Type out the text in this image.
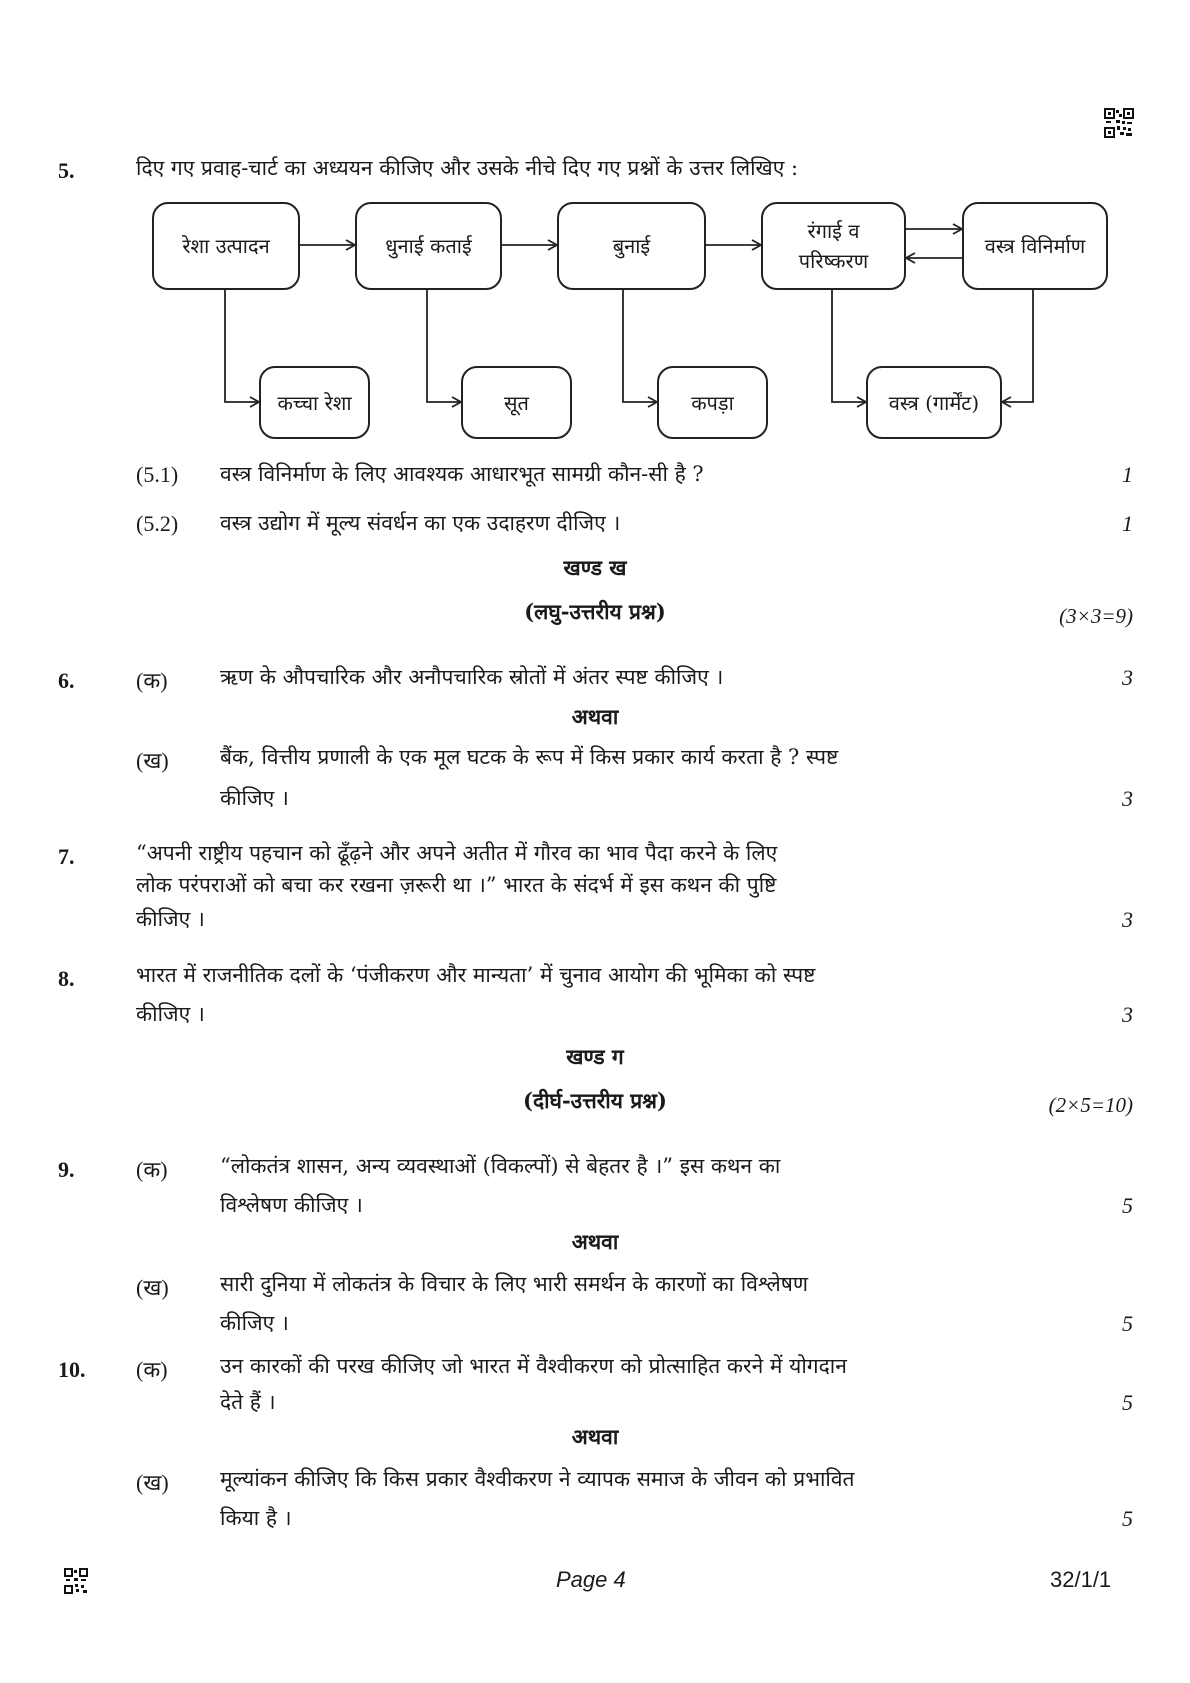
5.	दिए गए प्रवाह-चार्ट का अध्ययन कीजिए और उसके नीचे दिए गए प्रश्नों के उत्तर लिखिए :
रेशा उत्पादन	धुनाई कताई	बुनाई
रंगाई व
परिष्करण
वस्त्र विनिर्माण
कच्चा रेशा	सूत	कपड़ा	वस्त्र (गार्मेंट)
(5.1) वस्त्र विनिर्माण के लिए आवश्यक आधारभूत सामग्री कौन-सी है ?	1
(5.2) वस्त्र उद्योग में मूल्य संवर्धन का एक उदाहरण दीजिए ।	1
खण्ड ख
(लघु-उत्तरीय प्रश्न)	(3×3=9)
6.	(क) ऋण के औपचारिक और अनौपचारिक स्रोतों में अंतर स्पष्ट कीजिए ।	3
अथवा
(ख) बैंक, वित्तीय प्रणाली के एक मूल घटक के रूप में किस प्रकार कार्य करता है ? स्पष्ट
कीजिए ।	3
7.	“अपनी राष्ट्रीय पहचान को ढूँढ़ने और अपने अतीत में गौरव का भाव पैदा करने के लिए
लोक परंपराओं को बचा कर रखना ज़रूरी था ।” भारत के संदर्भ में इस कथन की पुष्टि
कीजिए ।	3
8.	भारत में राजनीतिक दलों के ‘पंजीकरण और मान्यता’ में चुनाव आयोग की भूमिका को स्पष्ट
कीजिए ।	3
खण्ड ग
(दीर्घ-उत्तरीय प्रश्न)	(2×5=10)
9.	(क) “लोकतंत्र शासन, अन्य व्यवस्थाओं (विकल्पों) से बेहतर है ।” इस कथन का
विश्लेषण कीजिए ।	5
अथवा
(ख) सारी दुनिया में लोकतंत्र के विचार के लिए भारी समर्थन के कारणों का विश्लेषण
कीजिए ।	5
10. (क) उन कारकों की परख कीजिए जो भारत में वैश्वीकरण को प्रोत्साहित करने में योगदान
देते हैं ।	5
अथवा
(ख) मूल्यांकन कीजिए कि किस प्रकार वैश्वीकरण ने व्यापक समाज के जीवन को प्रभावित
किया है ।	5
Page 4	32/1/1
